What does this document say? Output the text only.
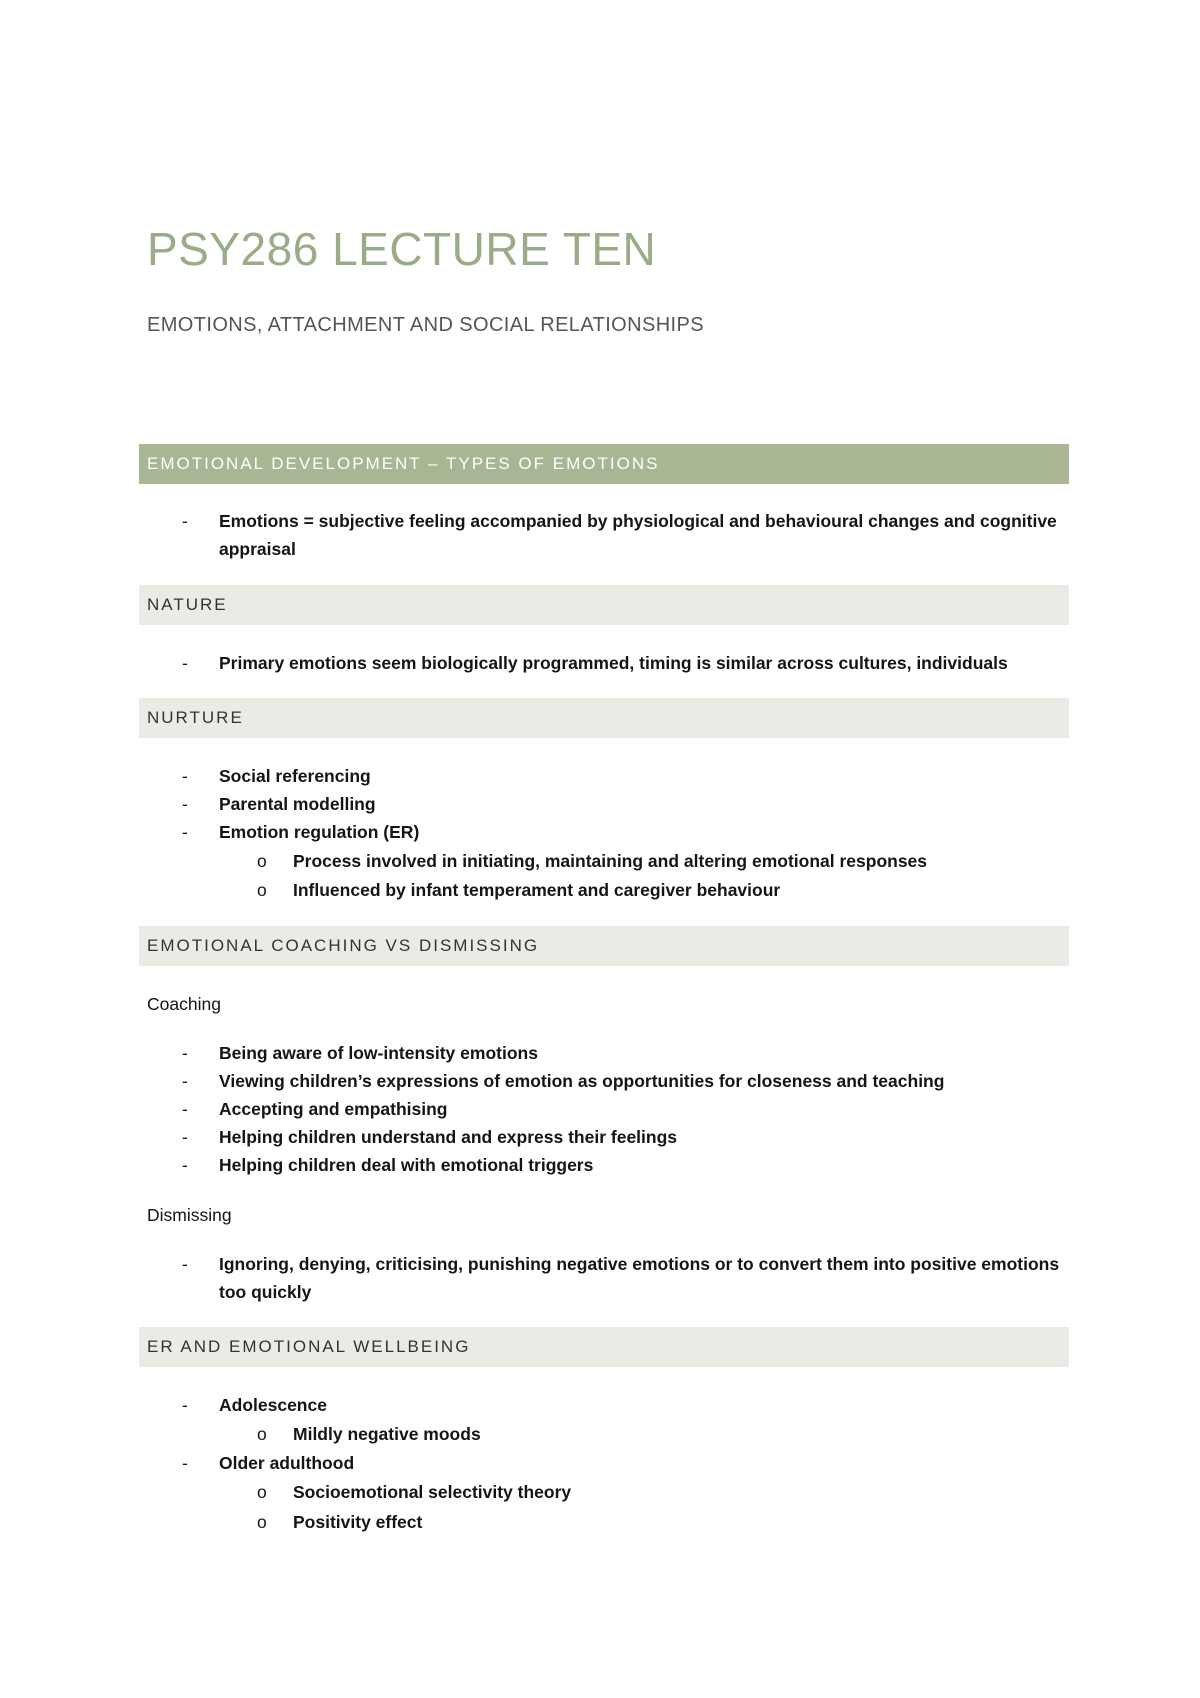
PSY286 LECTURE TEN
EMOTIONS, ATTACHMENT AND SOCIAL RELATIONSHIPS
EMOTIONAL DEVELOPMENT – TYPES OF EMOTIONS
-	Emotions = subjective feeling accompanied by physiological and behavioural changes and cognitive appraisal
NATURE
-	Primary emotions seem biologically programmed, timing is similar across cultures, individuals
NURTURE
-	Social referencing
-	Parental modelling
-	Emotion regulation (ER)
o	Process involved in initiating, maintaining and altering emotional responses
o	Influenced by infant temperament and caregiver behaviour
EMOTIONAL COACHING VS DISMISSING
Coaching
-	Being aware of low-intensity emotions
-	Viewing children’s expressions of emotion as opportunities for closeness and teaching
-	Accepting and empathising
-	Helping children understand and express their feelings
-	Helping children deal with emotional triggers
Dismissing
-	Ignoring, denying, criticising, punishing negative emotions or to convert them into positive emotions too quickly
ER AND EMOTIONAL WELLBEING
-	Adolescence
o	Mildly negative moods
-	Older adulthood
o	Socioemotional selectivity theory
o	Positivity effect
